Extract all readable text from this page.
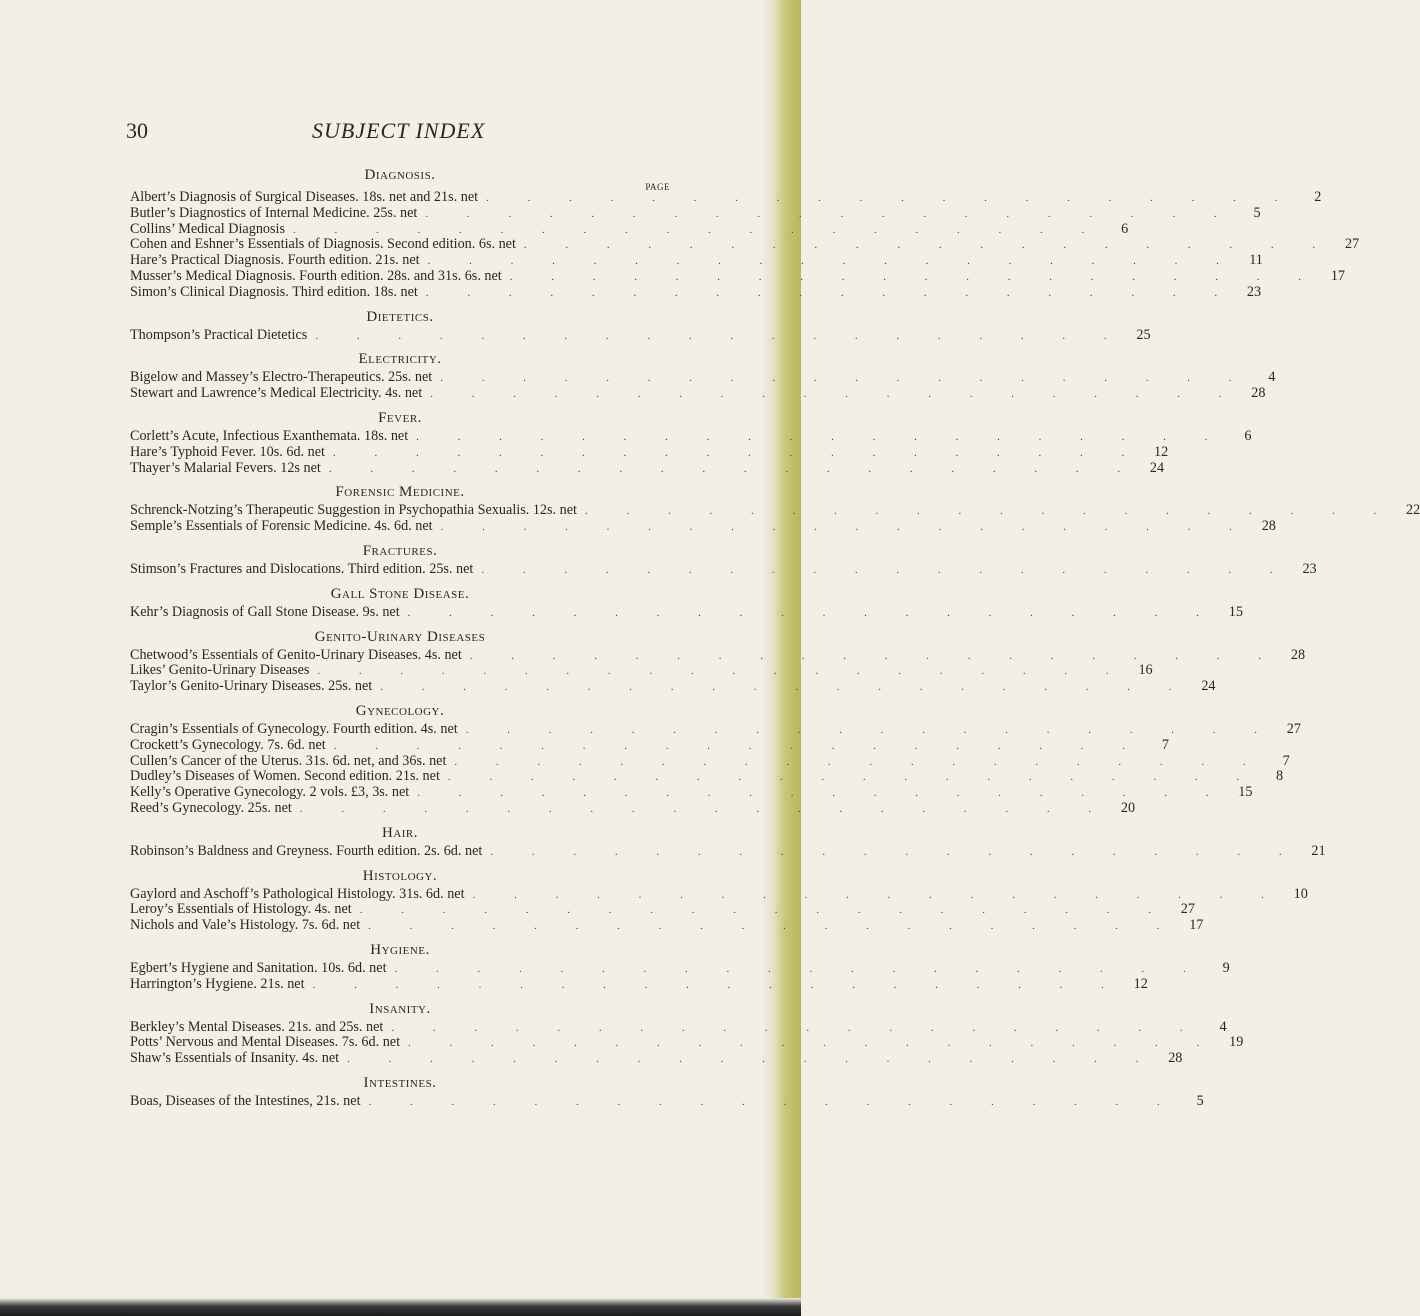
30	SUBJECT INDEX
Diagnosis.
PAGE
Albert’s Diagnosis of Surgical Diseases. 18s. net and 21s. net . . . . . . . . . . . . . . . . . . . .	2
Butler’s Diagnostics of Internal Medicine. 25s. net . . . . . . . . . . . . . . . . . . . .	5
Collins’ Medical Diagnosis . . . . . . . . . . . . . . . . . . . .	6
Cohen and Eshner’s Essentials of Diagnosis. Second edition. 6s. net . . . . . . . . . . . . . . . . . . . . 27
Hare’s Practical Diagnosis. Fourth edition. 21s. net . . . . . . . . . . . . . . . . . . . . 11
Musser’s Medical Diagnosis. Fourth edition. 28s. and 31s. 6s. net . . . . . . . . . . . . . . . . . . . . 17
Simon’s Clinical Diagnosis. Third edition. 18s. net . . . . . . . . . . . . . . . . . . . . 23
Dietetics.
Thompson’s Practical Dietetics . . . . . . . . . . . . . . . . . . . . 25
Electricity.
Bigelow and Massey’s Electro-Therapeutics. 25s. net . . . . . . . . . . . . . . . . . . . .	4
Stewart and Lawrence’s Medical Electricity. 4s. net . . . . . . . . . . . . . . . . . . . . 28
Fever.
Corlett’s Acute, Infectious Exanthemata. 18s. net . . . . . . . . . . . . . . . . . . . .	6
Hare’s Typhoid Fever. 10s. 6d. net . . . . . . . . . . . . . . . . . . . . 12
Thayer’s Malarial Fevers. 12s net . . . . . . . . . . . . . . . . . . . . 24
Forensic Medicine.
Schrenck-Notzing’s Therapeutic Suggestion in Psychopathia Sexualis. 12s. net . . . . . . . . . . . . . . . . . . . . 22
Semple’s Essentials of Forensic Medicine. 4s. 6d. net . . . . . . . . . . . . . . . . . . . . 28
Fractures.
Stimson’s Fractures and Dislocations. Third edition. 25s. net . . . . . . . . . . . . . . . . . . . . 23
Gall Stone Disease.
Kehr’s Diagnosis of Gall Stone Disease. 9s. net . . . . . . . . . . . . . . . . . . . . 15
Genito-Urinary Diseases
Chetwood’s Essentials of Genito-Urinary Diseases. 4s. net . . . . . . . . . . . . . . . . . . . . 28
Likes’ Genito-Urinary Diseases . . . . . . . . . . . . . . . . . . . . 16
Taylor’s Genito-Urinary Diseases. 25s. net . . . . . . . . . . . . . . . . . . . . 24
Gynecology.
Cragin’s Essentials of Gynecology. Fourth edition. 4s. net . . . . . . . . . . . . . . . . . . . . 27
Crockett’s Gynecology. 7s. 6d. net . . . . . . . . . . . . . . . . . . . .	7
Cullen’s Cancer of the Uterus. 31s. 6d. net, and 36s. net . . . . . . . . . . . . . . . . . . . .	7
Dudley’s Diseases of Women. Second edition. 21s. net . . . . . . . . . . . . . . . . . . . .	8
Kelly’s Operative Gynecology. 2 vols. £3, 3s. net . . . . . . . . . . . . . . . . . . . . 15
Reed’s Gynecology. 25s. net . . . . . . . . . . . . . . . . . . . . 20
Hair.
Robinson’s Baldness and Greyness. Fourth edition. 2s. 6d. net . . . . . . . . . . . . . . . . . . . . 21
Histology.
Gaylord and Aschoff’s Pathological Histology. 31s. 6d. net . . . . . . . . . . . . . . . . . . . . 10
Leroy’s Essentials of Histology. 4s. net . . . . . . . . . . . . . . . . . . . . 27
Nichols and Vale’s Histology. 7s. 6d. net . . . . . . . . . . . . . . . . . . . . 17
Hygiene.
Egbert’s Hygiene and Sanitation. 10s. 6d. net . . . . . . . . . . . . . . . . . . . .	9
Harrington’s Hygiene. 21s. net . . . . . . . . . . . . . . . . . . . . 12
Insanity.
Berkley’s Mental Diseases. 21s. and 25s. net . . . . . . . . . . . . . . . . . . . .	4
Potts’ Nervous and Mental Diseases. 7s. 6d. net . . . . . . . . . . . . . . . . . . . . 19
Shaw’s Essentials of Insanity. 4s. net . . . . . . . . . . . . . . . . . . . . 28
Intestines.
Boas, Diseases of the Intestines, 21s. net . . . . . . . . . . . . . . . . . . . .	5
